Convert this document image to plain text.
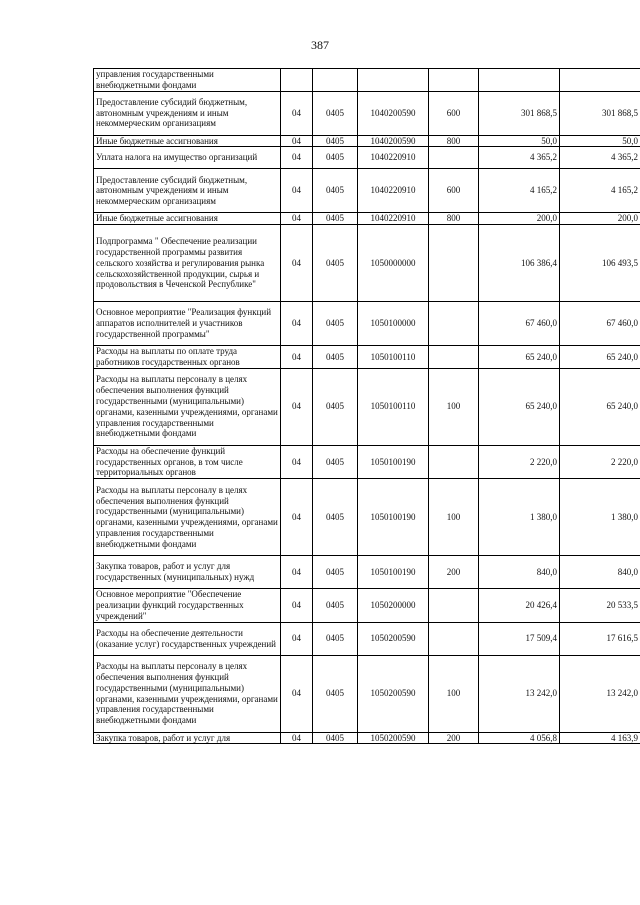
387
управления государственными внебюджетными фондами						
Предоставление субсидий бюджетным, автономным учреждениям и иным некоммерческим организациям	04	0405	1040200590	600	301 868,5	301 868,5
Иные бюджетные ассигнования	04	0405	1040200590	800	50,0	50,0
Уплата налога на имущество организаций	04	0405	1040220910		4 365,2	4 365,2
Предоставление субсидий бюджетным, автономным учреждениям и иным некоммерческим организациям	04	0405	1040220910	600	4 165,2	4 165,2
Иные бюджетные ассигнования	04	0405	1040220910	800	200,0	200,0
Подпрограмма " Обеспечение реализации государственной программы развития сельского хозяйства и регулирования рынка сельскохозяйственной продукции, сырья и продовольствия в Чеченской Республике"	04	0405	1050000000		106 386,4	106 493,5
Основное мероприятие "Реализация функций аппаратов исполнителей и участников государственной программы"	04	0405	1050100000		67 460,0	67 460,0
Расходы на выплаты по оплате труда работников государственных органов	04	0405	1050100110		65 240,0	65 240,0
Расходы на выплаты персоналу в целях обеспечения выполнения функций государственными (муниципальными) органами, казенными учреждениями, органами управления государственными внебюджетными фондами	04	0405	1050100110	100	65 240,0	65 240,0
Расходы на обеспечение функций государственных органов, в том числе территориальных органов	04	0405	1050100190		2 220,0	2 220,0
Расходы на выплаты персоналу в целях обеспечения выполнения функций государственными (муниципальными) органами, казенными учреждениями, органами управления государственными внебюджетными фондами	04	0405	1050100190	100	1 380,0	1 380,0
Закупка товаров, работ и услуг для государственных (муниципальных) нужд	04	0405	1050100190	200	840,0	840,0
Основное мероприятие "Обеспечение реализации функций государственных учреждений"	04	0405	1050200000		20 426,4	20 533,5
Расходы на обеспечение деятельности (оказание услуг) государственных учреждений	04	0405	1050200590		17 509,4	17 616,5
Расходы на выплаты персоналу в целях обеспечения выполнения функций государственными (муниципальными) органами, казенными учреждениями, органами управления государственными внебюджетными фондами	04	0405	1050200590	100	13 242,0	13 242,0
Закупка товаров, работ и услуг для	04	0405	1050200590	200	4 056,8	4 163,9
